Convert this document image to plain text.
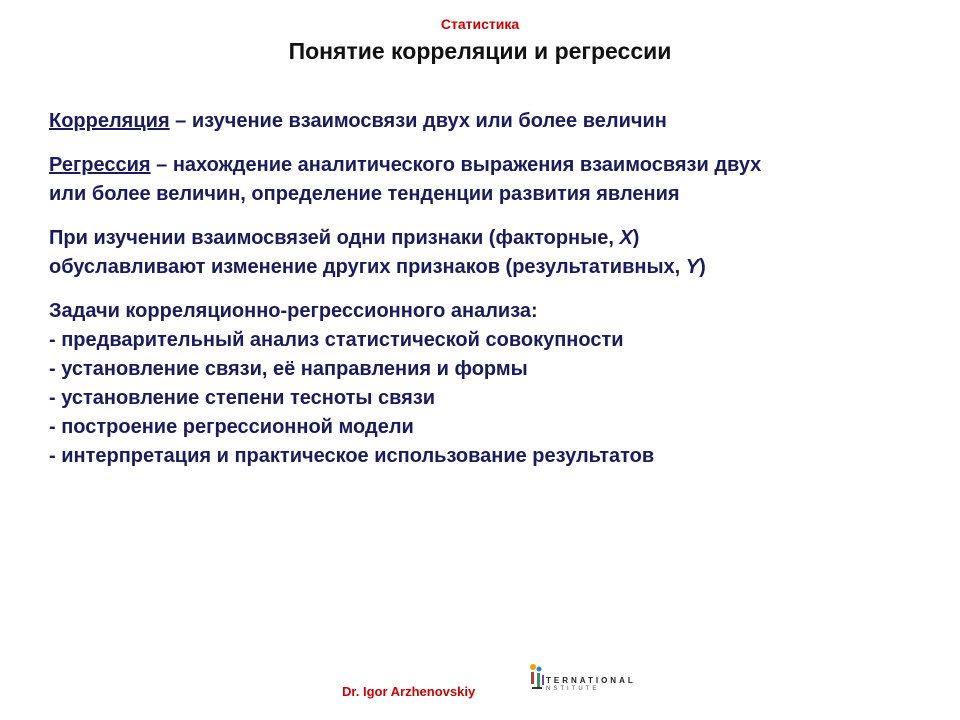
Статистика
Понятие корреляции и регрессии
Корреляция – изучение взаимосвязи двух или более величин
Регрессия – нахождение аналитического выражения взаимосвязи двух
или более величин, определение тенденции развития явления
При изучении взаимосвязей одни признаки (факторные, X)
обуславливают изменение других признаков (результативных, Y)
Задачи корреляционно-регрессионного анализа:
- предварительный анализ статистической совокупности
- установление связи, её направления и формы
- установление степени тесноты связи
- построение регрессионной модели
- интерпретация и практическое использование результатов
Dr. Igor Arzhenovskiy
TERNATIONAL
NSTITUTE
